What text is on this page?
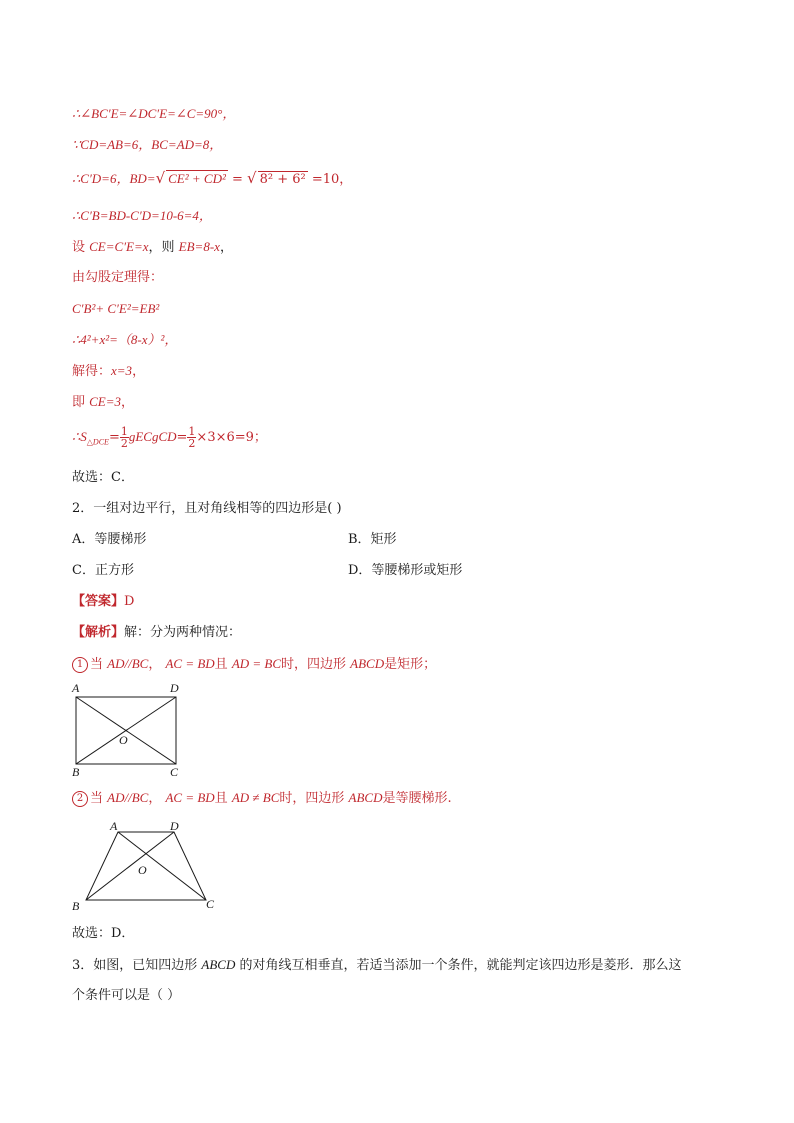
∴∠BC′E=∠DC′E=∠C=90°，
∵CD=AB=6，BC=AD=8，
∴C′D=6，BD=√ CE² + CD² = √ 8² + 6² =10，
∴C′B=BD-C′D=10-6=4，
设 CE=C′E=x，则 EB=8-x，
由勾股定理得：
C′B²+ C′E²=EB²
∴4²+x²=（8-x）²，
解得：x=3，
即 CE=3，
$\therefore S_{\triangle DCE}= \frac{1}{2}$ gECgCD= $\frac{1}{2} \times 3\times 6=9$；
故选：C．
2．一组对边平行，且对角线相等的四边形是( )
A．等腰梯形	B．矩形
C．正方形	D．等腰梯形或矩形
【答案】D
【解析】解：分为两种情况：
1 当 AD//BC， AC = BD且 AD = BC时，四边形 ABCD是矩形；
A	D
B	C
O
2 当 AD//BC， AC = BD且 AD ≠ BC时，四边形 ABCD是等腰梯形.
A	D
B	C
O
故选：D．
3．如图，已知四边形 ABCD 的对角线互相垂直，若适当添加一个条件，就能判定该四边形是菱形．那么这
个条件可以是（ ）
